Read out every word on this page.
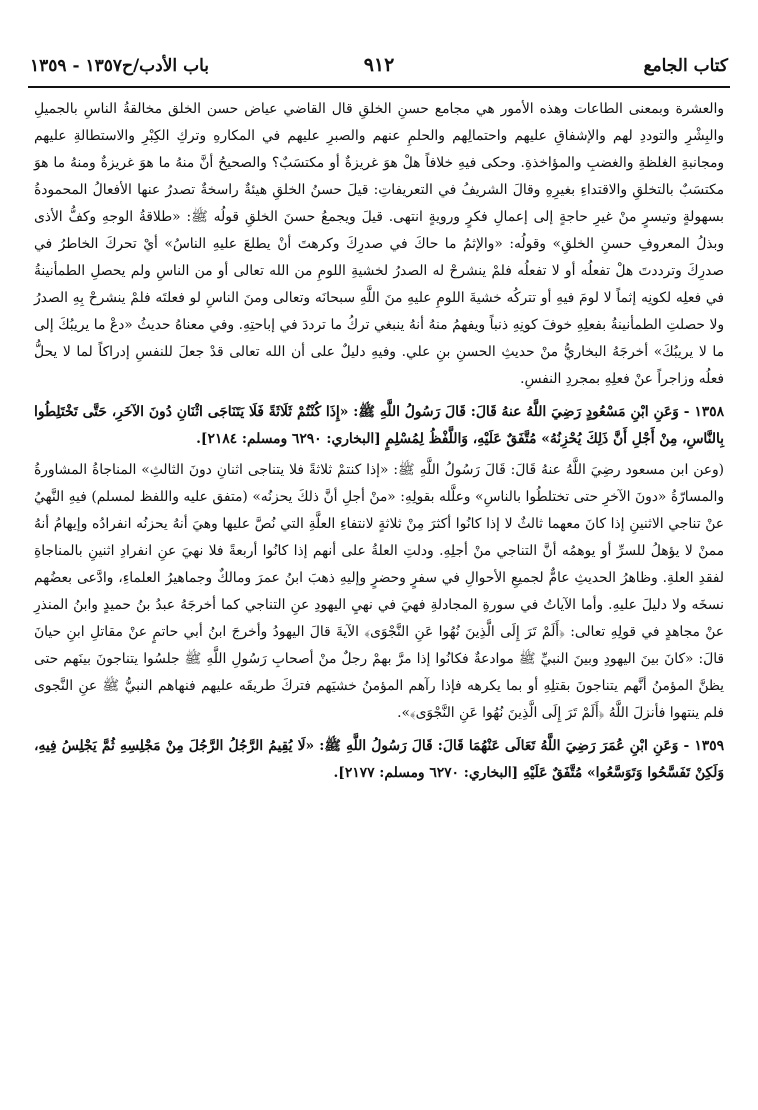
كتاب الجامع
٩١٢
باب الأدب/ح١٣٥٧ - ١٣٥٩

والعشرة وبمعنى الطاعات وهذه الأمور هي مجامع حسنِ الخلقِ قال القاضي عياض حسن الخلق مخالقةُ الناسِ بالجميلِ والبِشْرِ والتوددِ لهم والإشفاقِ عليهم واحتمالِهم والحلمِ عنهم والصبرِ عليهم في المكارهِ وتركِ الكِبْرِ والاستطالةِ عليهم ومجانبةِ الغلظةِ والغضبِ والمؤاخذةِ. وحكى فيهِ خلافاً هلْ هوَ غريزةٌ أو مكتسَبٌ؟ والصحيحُ أنَّ منهُ ما هوَ غريزةٌ ومنهُ ما هوَ مكتسَبٌ بالتخلقِ والاقتداءِ بغيرِهِ وقالَ الشريفُ في التعريفاتِ: قيلَ حسنُ الخلقِ هيئةٌ راسخةٌ تصدرُ عنها الأفعالُ المحمودةُ بسهولةٍ وتيسرٍ منْ غيرِ حاجةٍ إلى إعمالِ فكرٍ ورويةٍ انتهى. قيلَ ويجمعُ حسنَ الخلقِ قولُه ﷺ: «طلاقةُ الوجهِ وكفُّ الأذى وبذلُ المعروفِ حسنِ الخلقِ» وقولُه: «والإثمُ ما حاكَ في صدرِكَ وكرهتَ أنْ يطلعَ عليهِ الناسُ» أيْ تحركَ الخاطرُ في صدرِكَ وترددتَ هلْ تفعلُه أو لا تفعلُه فلمْ ينشرحْ له الصدرُ لخشيةِ اللومِ من الله تعالى أو من الناسِ ولم يحصلِ الطمأنينةُ في فعلِه لكونِه إثماً لا لومَ فيهِ أو تتركُه خشيةَ اللومِ عليهِ منَ اللَّهِ سبحانَه وتعالى ومنَ الناسِ لو فعلتَه فلمْ ينشرحْ بِهِ الصدرُ ولا حصلتِ الطمأنينةُ بفعلِهِ خوفَ كونِهِ ذنباً ويفهمُ منهُ أنهُ ينبغي تركُ ما ترددَ في إباحتِهِ. وفي معناهُ حديثُ «دعْ ما يريبُكَ إلى ما لا يريبُكَ» أخرجَهُ البخاريُّ منْ حديثِ الحسنِ بنِ علي. وفيهِ دليلٌ على أن الله تعالى قدْ جعلَ للنفسِ إدراكاً لما لا يحلُّ فعلُه وزاجراً عنْ فعلِهِ بمجردِ النفسِ.

١٣٥٨ - وَعَنِ ابْنِ مَسْعُودٍ رَضِيَ اللَّهُ عنهُ قَالَ: قَالَ رَسُولُ اللَّهِ ﷺ: «إِذَا كُنْتُمْ ثَلَاثَةً فَلَا يَتَنَاجَى اثْنَانِ دُونَ الآخَرِ، حَتَّى تَخْتَلِطُوا بِالنَّاسِ، مِنْ أَجْلِ أَنَّ ذَلِكَ يُحْزِنُهُ» مُتَّفَقٌ عَلَيْهِ، وَاللَّفْظُ لِمُسْلِمٍ [البخاري: ٦٢٩٠ ومسلم: ٢١٨٤].

(وعن ابن مسعود رضِيَ اللَّهُ عنهُ قَالَ: قَالَ رَسُولُ اللَّهِ ﷺ: «إذا كنتمْ ثلاثةً فلا يتناجى اثنانِ دونَ الثالثِ» المناجاةُ المشاورةُ والمسارّةُ «دونَ الآخرِ حتى تختلطُوا بالناسِ» وعلَّله بقولِهِ: «منْ أجلِ أنَّ ذلكَ يحزنُه» (متفق عليه واللفظ لمسلم) فيهِ النَّهيُ عنْ تناجي الاثنينِ إذا كانَ معهما ثالثٌ لا إذا كانُوا أكثرَ مِنْ ثلاثةٍ لانتفاءِ العلَّةِ التي نُصَّ عليها وهيَ أنهُ يحزنُه انفرادُه وإيهامُ أنهُ ممنْ لا يؤهلُ للسرِّ أو يوهمُه أنَّ التناجي منْ أجلِهِ. ودلتِ العلةُ على أنهم إذا كانُوا أربعةً فلا نهيَ عنِ انفرادِ اثنينِ بالمناجاةِ لفقدِ العلةِ. وظاهرُ الحديثِ عامٌّ لجميعِ الأحوالِ في سفرٍ وحضرٍ وإليهِ ذهبَ ابنُ عمرَ ومالكٌ وجماهيرُ العلماءِ، وادَّعى بعضُهم نسخَه ولا دليلَ عليهِ. وأما الآياتُ في سورةِ المجادلةِ فهيَ في نهيِ اليهودِ عنِ التناجي كما أخرجَهُ عبدُ بنُ حميدٍ وابنُ المنذرِ عنْ مجاهدٍ في قولِهِ تعالى: ﴿أَلَمْ تَرَ إِلَى الَّذِينَ نُهُوا عَنِ النَّجْوَى﴾ الآيةَ قالَ اليهودُ وأخرجَ ابنُ أبي حاتمٍ عنْ مقاتلِ ابنِ حيانَ قالَ: «كانَ بينَ اليهودِ وبينَ النبيِّ ﷺ موادعةٌ فكانُوا إذا مرَّ بهمْ رجلٌ منْ أصحابِ رَسُولِ اللَّهِ ﷺ جلسُوا يتناجونَ بينَهم حتى يظنَّ المؤمنُ أنَّهم يتناجونَ بقتلِهِ أو بما يكرهه فإذا رآهم المؤمنُ خشيَهم فتركَ طريقَه عليهم فنهاهم النبيُّ ﷺ عنِ النَّجوى فلم ينتهوا فأنزلَ اللَّهُ ﴿أَلَمْ تَرَ إِلَى الَّذِينَ نُهُوا عَنِ النَّجْوَى﴾».

١٣٥٩ - وَعَنِ ابْنِ عُمَرَ رَضِيَ اللَّهُ تَعَالَى عَنْهُمَا قَالَ: قَالَ رَسُولُ اللَّهِ ﷺ: «لَا يُقِيمُ الرَّجُلُ الرَّجُلَ مِنْ مَجْلِسِهِ ثُمَّ يَجْلِسُ فِيهِ، وَلَكِنْ تَفَسَّحُوا وَتَوَسَّعُوا» مُتَّفَقٌ عَلَيْهِ [البخاري: ٦٢٧٠ ومسلم: ٢١٧٧].
